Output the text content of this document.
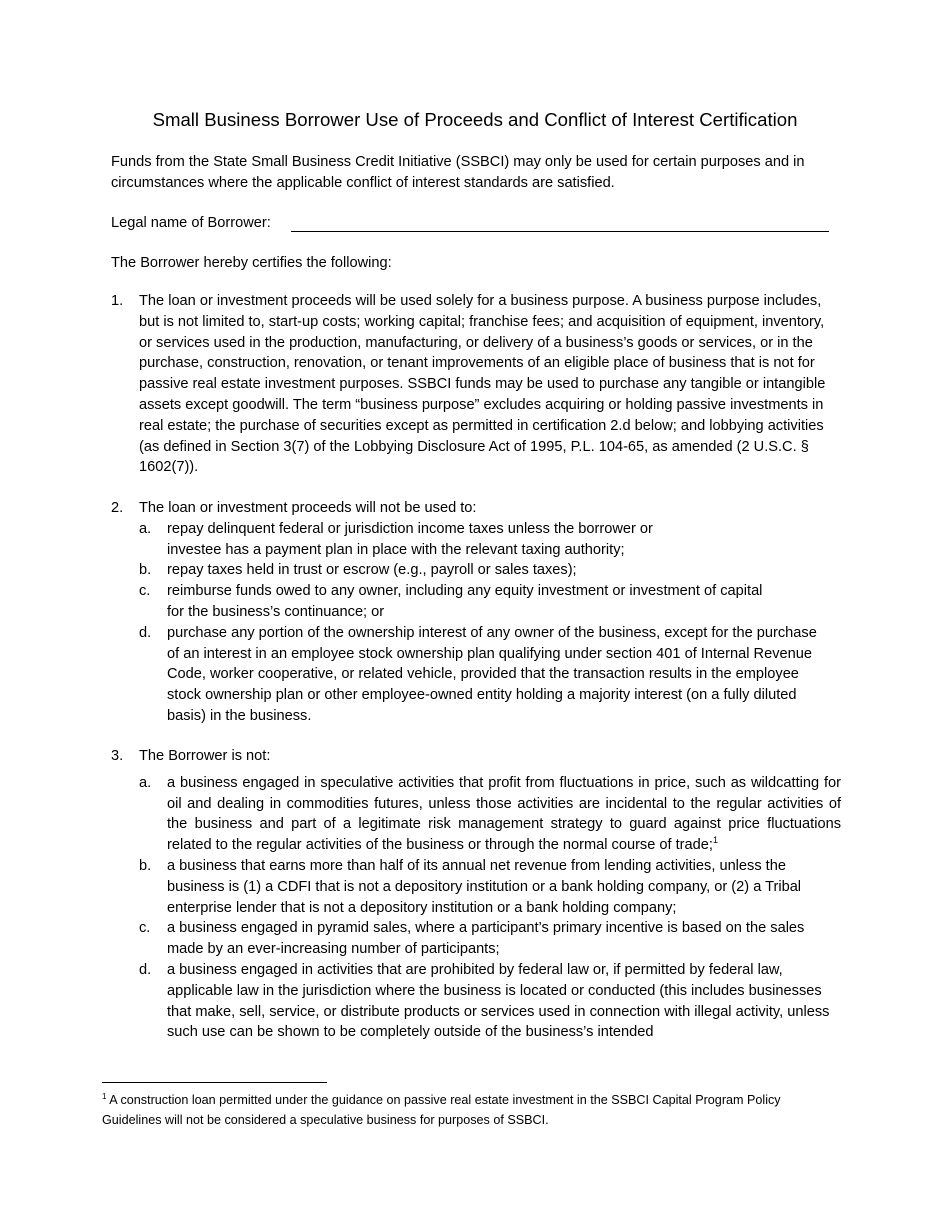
Small Business Borrower Use of Proceeds and Conflict of Interest Certification
Funds from the State Small Business Credit Initiative (SSBCI) may only be used for certain purposes and in circumstances where the applicable conflict of interest standards are satisfied.
Legal name of Borrower:
The Borrower hereby certifies the following:
1. The loan or investment proceeds will be used solely for a business purpose. A business purpose includes, but is not limited to, start-up costs; working capital; franchise fees; and acquisition of equipment, inventory, or services used in the production, manufacturing, or delivery of a business’s goods or services, or in the purchase, construction, renovation, or tenant improvements of an eligible place of business that is not for passive real estate investment purposes. SSBCI funds may be used to purchase any tangible or intangible assets except goodwill. The term “business purpose” excludes acquiring or holding passive investments in real estate; the purchase of securities except as permitted in certification 2.d below; and lobbying activities (as defined in Section 3(7) of the Lobbying Disclosure Act of 1995, P.L. 104-65, as amended (2 U.S.C. § 1602(7)).
2. The loan or investment proceeds will not be used to:
a. repay delinquent federal or jurisdiction income taxes unless the borrower or investee has a payment plan in place with the relevant taxing authority;
b. repay taxes held in trust or escrow (e.g., payroll or sales taxes);
c. reimburse funds owed to any owner, including any equity investment or investment of capital for the business’s continuance; or
d. purchase any portion of the ownership interest of any owner of the business, except for the purchase of an interest in an employee stock ownership plan qualifying under section 401 of Internal Revenue Code, worker cooperative, or related vehicle, provided that the transaction results in the employee stock ownership plan or other employee-owned entity holding a majority interest (on a fully diluted basis) in the business.
3. The Borrower is not:
a. a business engaged in speculative activities that profit from fluctuations in price, such as wildcatting for oil and dealing in commodities futures, unless those activities are incidental to the regular activities of the business and part of a legitimate risk management strategy to guard against price fluctuations related to the regular activities of the business or through the normal course of trade;$^1$
b. a business that earns more than half of its annual net revenue from lending activities, unless the business is (1) a CDFI that is not a depository institution or a bank holding company, or (2) a Tribal enterprise lender that is not a depository institution or a bank holding company;
c. a business engaged in pyramid sales, where a participant’s primary incentive is based on the sales made by an ever-increasing number of participants;
d. a business engaged in activities that are prohibited by federal law or, if permitted by federal law, applicable law in the jurisdiction where the business is located or conducted (this includes businesses that make, sell, service, or distribute products or services used in connection with illegal activity, unless such use can be shown to be completely outside of the business’s intended
$^1$ A construction loan permitted under the guidance on passive real estate investment in the SSBCI Capital Program Policy Guidelines will not be considered a speculative business for purposes of SSBCI.
